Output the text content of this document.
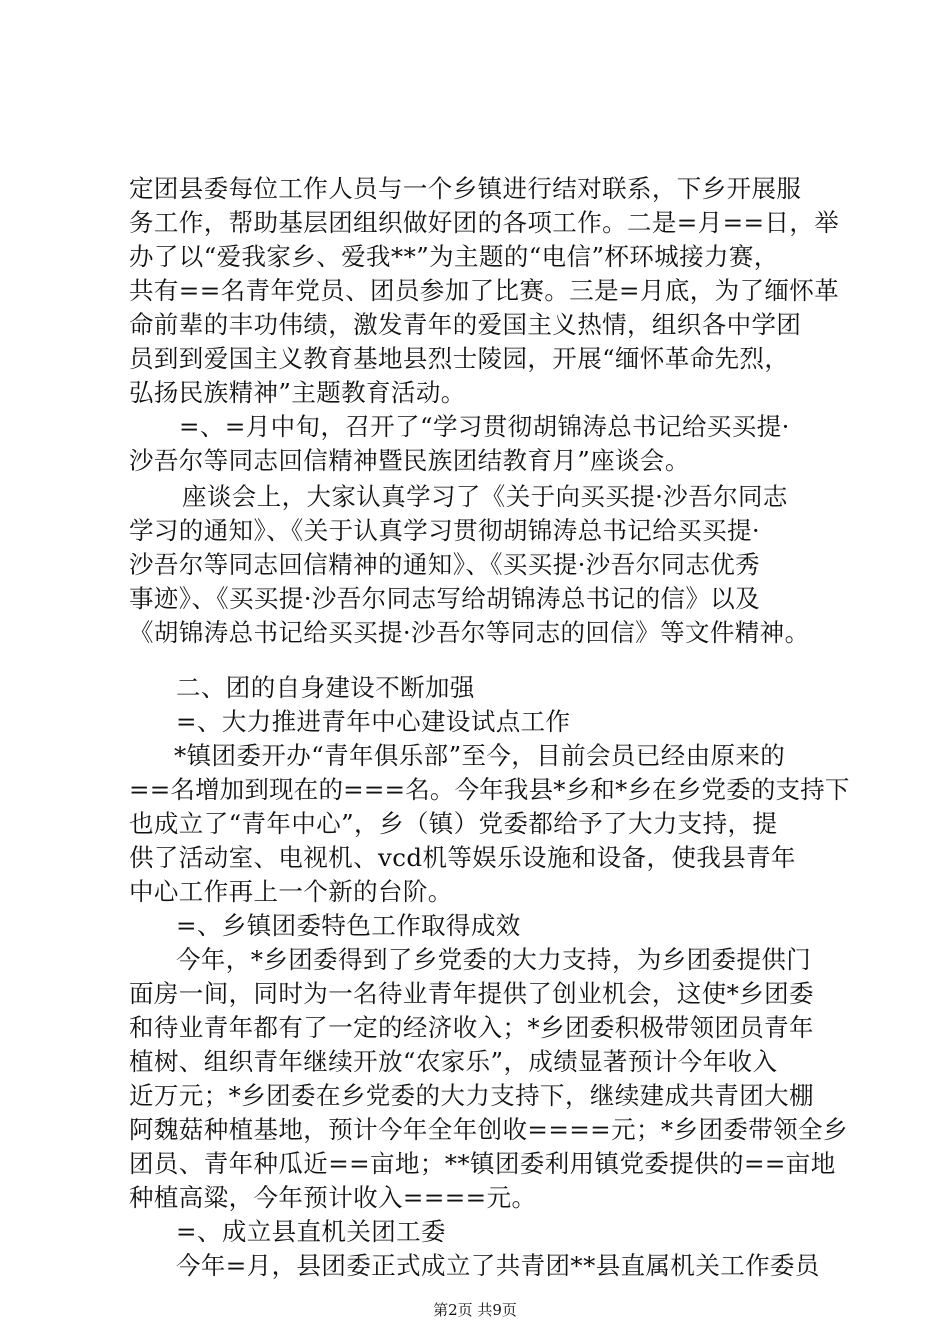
定团县委每位工作人员与一个乡镇进行结对联系，下乡开展服
务工作，帮助基层团组织做好团的各项工作。二是=月==日，举
办了以“爱我家乡、爱我**”为主题的“电信”杯环城接力赛，
共有==名青年党员、团员参加了比赛。三是=月底，为了缅怀革
命前辈的丰功伟绩，激发青年的爱国主义热情，组织各中学团
员到到爱国主义教育基地县烈士陵园，开展“缅怀革命先烈，
弘扬民族精神”主题教育活动。
=、=月中旬，召开了“学习贯彻胡锦涛总书记给买买提·
沙吾尔等同志回信精神暨民族团结教育月”座谈会。
座谈会上，大家认真学习了《关于向买买提·沙吾尔同志
学习的通知》、《关于认真学习贯彻胡锦涛总书记给买买提·
沙吾尔等同志回信精神的通知》、《买买提·沙吾尔同志优秀
事迹》、《买买提·沙吾尔同志写给胡锦涛总书记的信》以及
《胡锦涛总书记给买买提·沙吾尔等同志的回信》等文件精神。
二、团的自身建设不断加强
=、大力推进青年中心建设试点工作
*镇团委开办“青年俱乐部”至今，目前会员已经由原来的
==名增加到现在的===名。今年我县*乡和*乡在乡党委的支持下
也成立了“青年中心”，乡（镇）党委都给予了大力支持，提
供了活动室、电视机、vcd机等娱乐设施和设备，使我县青年
中心工作再上一个新的台阶。
=、乡镇团委特色工作取得成效
今年，*乡团委得到了乡党委的大力支持，为乡团委提供门
面房一间，同时为一名待业青年提供了创业机会，这使*乡团委
和待业青年都有了一定的经济收入；*乡团委积极带领团员青年
植树、组织青年继续开放“农家乐”，成绩显著预计今年收入
近万元；*乡团委在乡党委的大力支持下，继续建成共青团大棚
阿魏菇种植基地，预计今年全年创收====元；*乡团委带领全乡
团员、青年种瓜近==亩地；**镇团委利用镇党委提供的==亩地
种植高粱，今年预计收入====元。
=、成立县直机关团工委
今年=月，县团委正式成立了共青团**县直属机关工作委员
第2页 共9页
